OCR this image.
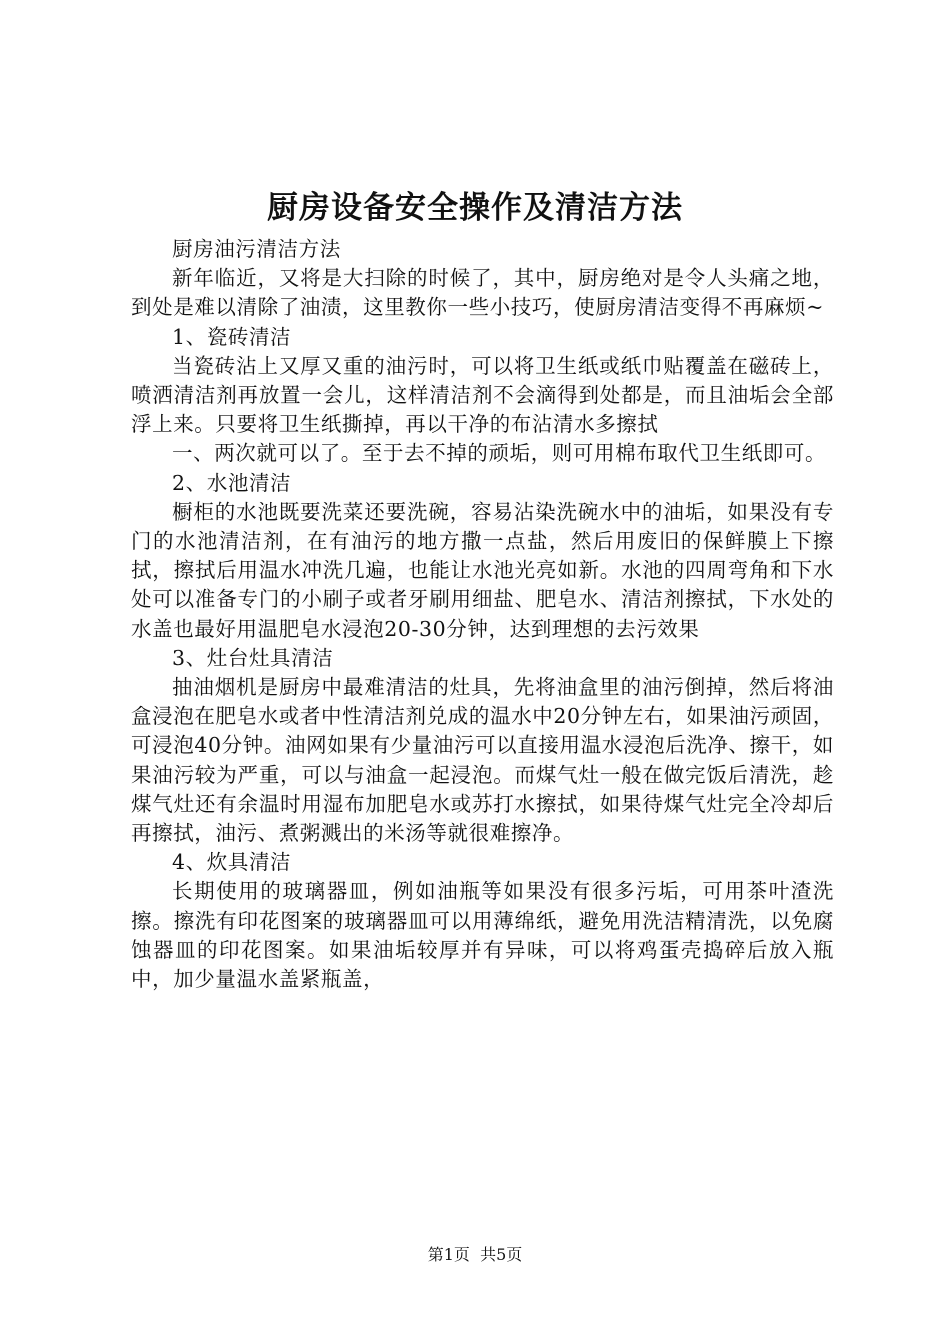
厨房设备安全操作及清洁方法

厨房油污清洁方法

新年临近，又将是大扫除的时候了，其中，厨房绝对是令人头痛之地，到处是难以清除了油渍，这里教你一些小技巧，使厨房清洁变得不再麻烦~

1、瓷砖清洁

当瓷砖沾上又厚又重的油污时，可以将卫生纸或纸巾贴覆盖在磁砖上，喷洒清洁剂再放置一会儿，这样清洁剂不会滴得到处都是，而且油垢会全部浮上来。只要将卫生纸撕掉，再以干净的布沾清水多擦拭

一、两次就可以了。至于去不掉的顽垢，则可用棉布取代卫生纸即可。

2、水池清洁

橱柜的水池既要洗菜还要洗碗，容易沾染洗碗水中的油垢，如果没有专门的水池清洁剂，在有油污的地方撒一点盐，然后用废旧的保鲜膜上下擦拭，擦拭后用温水冲洗几遍，也能让水池光亮如新。水池的四周弯角和下水处可以准备专门的小刷子或者牙刷用细盐、肥皂水、清洁剂擦拭，下水处的水盖也最好用温肥皂水浸泡20-30分钟，达到理想的去污效果

3、灶台灶具清洁

抽油烟机是厨房中最难清洁的灶具，先将油盒里的油污倒掉，然后将油盒浸泡在肥皂水或者中性清洁剂兑成的温水中20分钟左右，如果油污顽固，可浸泡40分钟。油网如果有少量油污可以直接用温水浸泡后洗净、擦干，如果油污较为严重，可以与油盒一起浸泡。而煤气灶一般在做完饭后清洗，趁煤气灶还有余温时用湿布加肥皂水或苏打水擦拭，如果待煤气灶完全冷却后再擦拭，油污、煮粥溅出的米汤等就很难擦净。

4、炊具清洁

长期使用的玻璃器皿，例如油瓶等如果没有很多污垢，可用茶叶渣洗擦。擦洗有印花图案的玻璃器皿可以用薄绵纸，避免用洗洁精清洗，以免腐蚀器皿的印花图案。如果油垢较厚并有异味，可以将鸡蛋壳捣碎后放入瓶中，加少量温水盖紧瓶盖，

第1页  共5页
